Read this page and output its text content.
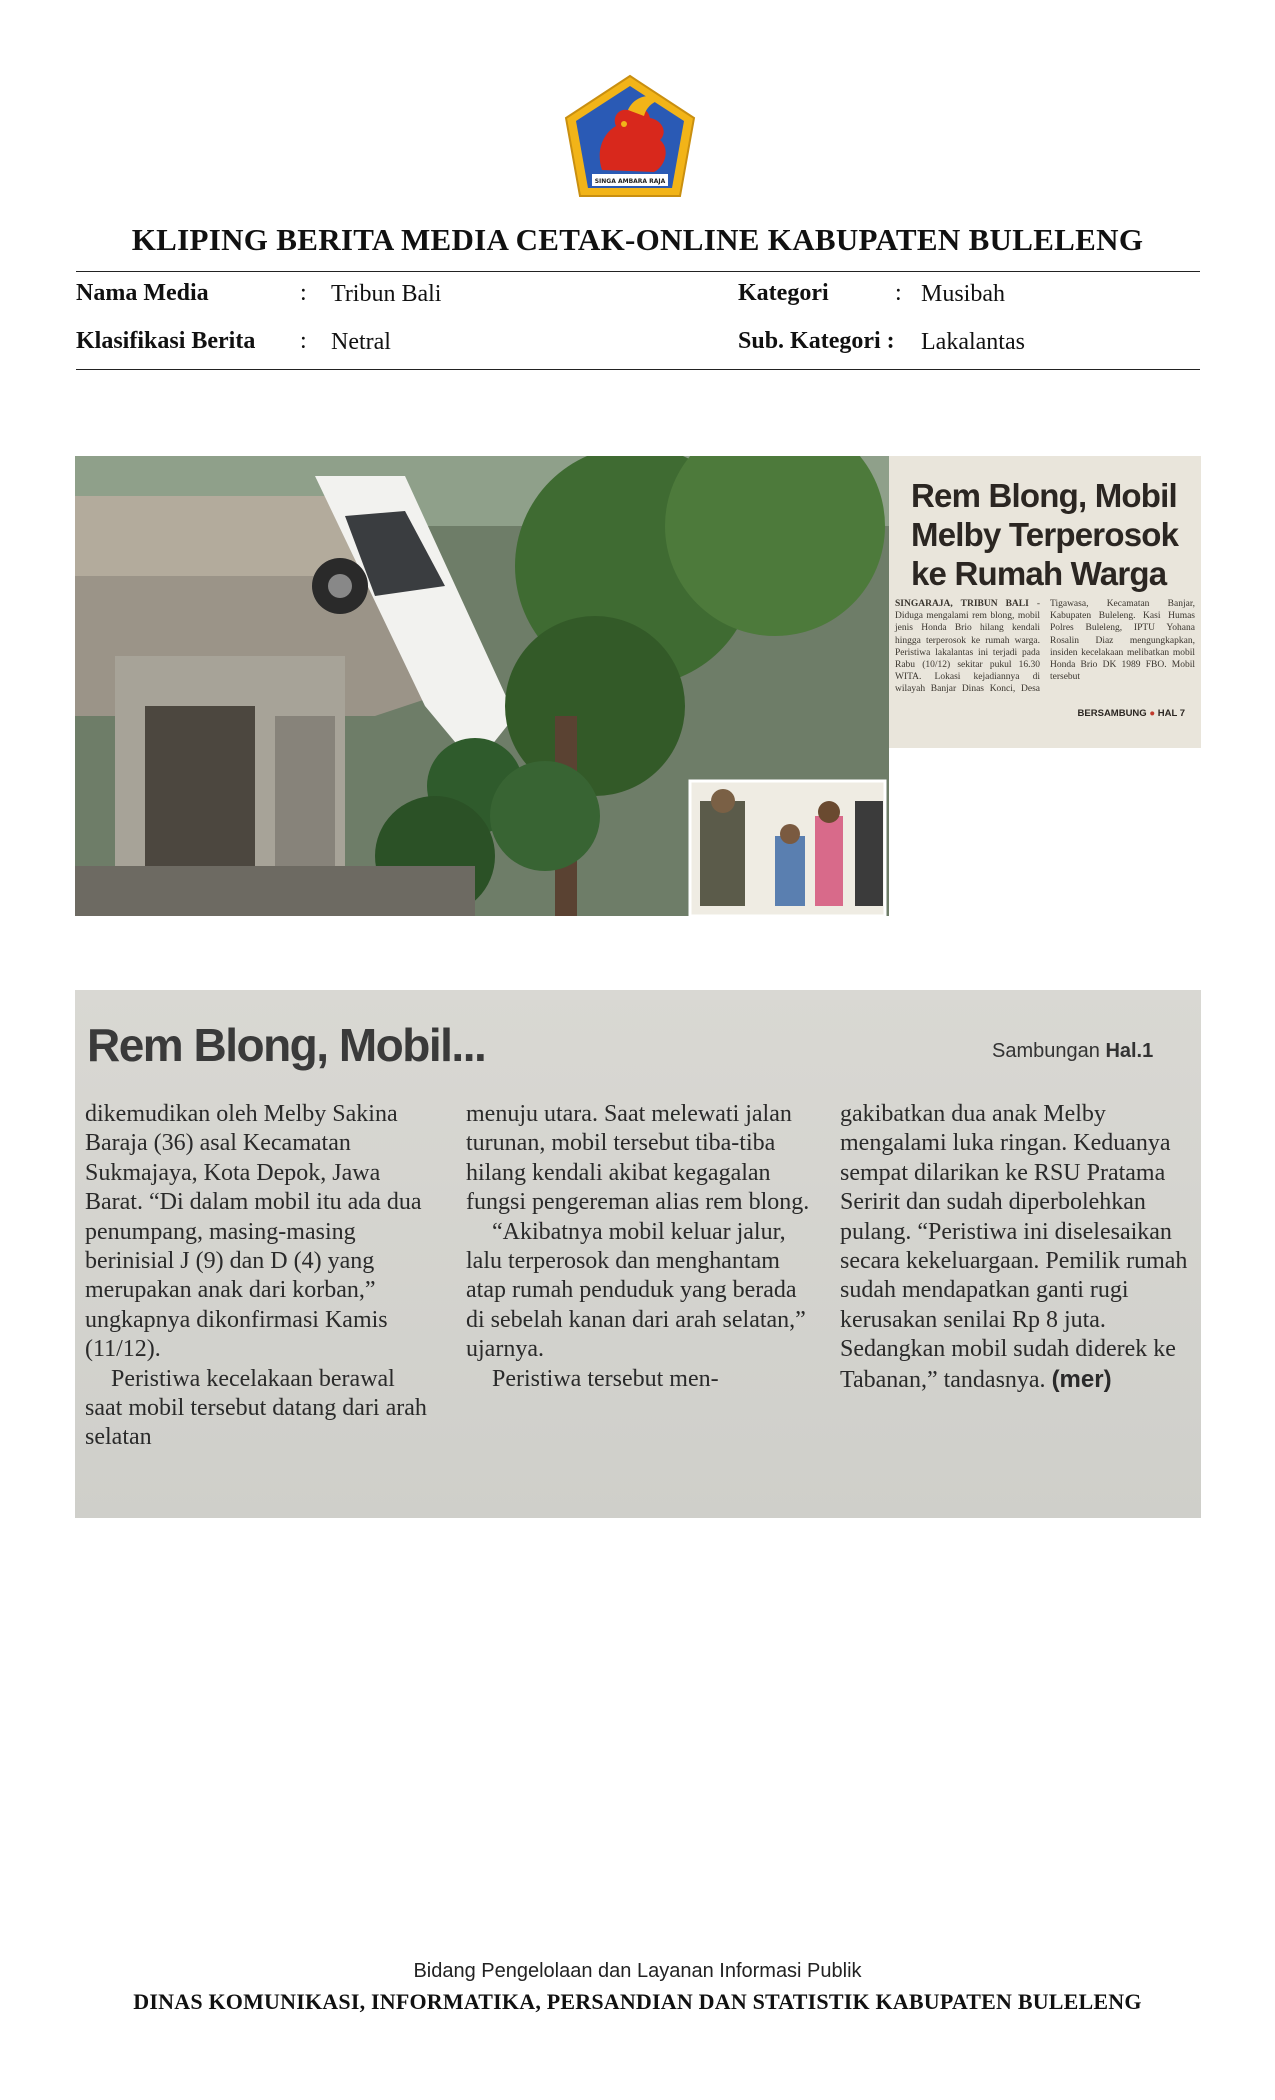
SINGA AMBARA RAJA
KLIPING BERITA MEDIA CETAK-ONLINE KABUPATEN BULELENG
Nama Media	: Tribun Bali
Klasifikasi Berita : Netral
Kategori	: Musibah
Sub. Kategori : Lakalantas
Rem Blong, Mobil
Melby Terperosok
ke Rumah Warga
SINGARAJA, TRIBUN BALI - Diduga mengalami rem blong, mobil jenis Honda Brio hilang kendali hingga terperosok ke rumah warga. Peristiwa lakalantas ini terjadi pada Rabu (10/12) sekitar pukul 16.30 WITA. Lokasi kejadiannya di wilayah Banjar Dinas Konci, Desa Tigawasa, Kecamatan Banjar, Kabupaten Buleleng. Kasi Humas Polres Buleleng, IPTU Yohana Rosalin Diaz mengungkapkan, insiden kecelakaan melibatkan mobil Honda Brio DK 1989 FBO. Mobil tersebut
BERSAMBUNG ● HAL 7
Rem Blong, Mobil...	Sambungan Hal.1

dikemudikan oleh Melby Sakina Baraja (36) asal Kecamatan Sukmajaya, Kota Depok, Jawa Barat. “Di dalam mobil itu ada dua penumpang, masing-masing berinisial J (9) dan D (4) yang merupakan anak dari korban,” ungkapnya dikonfirmasi Kamis (11/12).

Peristiwa kecelakaan berawal saat mobil tersebut datang dari arah selatan

menuju utara. Saat melewati jalan turunan, mobil tersebut tiba-tiba hilang kendali akibat kegagalan fungsi pengereman alias rem blong.

“Akibatnya mobil keluar jalur, lalu terperosok dan menghantam atap rumah penduduk yang berada di sebelah kanan dari arah selatan,” ujarnya.

Peristiwa tersebut men-

gakibatkan dua anak Melby mengalami luka ringan. Keduanya sempat dilarikan ke RSU Pratama Seririt dan sudah diperbolehkan pulang. “Peristiwa ini diselesaikan secara kekeluargaan. Pemilik rumah sudah mendapatkan ganti rugi kerusakan senilai Rp 8 juta. Sedangkan mobil sudah diderek ke Tabanan,” tandasnya. (mer)

Bidang Pengelolaan dan Layanan Informasi Publik
DINAS KOMUNIKASI, INFORMATIKA, PERSANDIAN DAN STATISTIK KABUPATEN BULELENG
